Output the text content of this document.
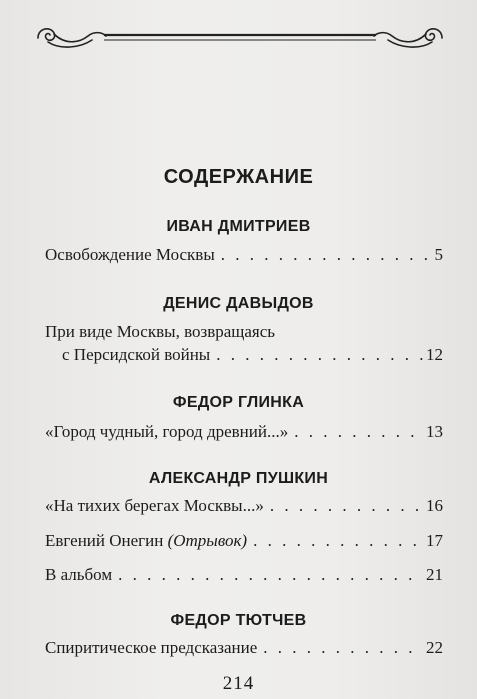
СОДЕРЖАНИЕ
ИВАН ДМИТРИЕВ
Освобождение Москвы . . .	5
ДЕНИС ДАВЫДОВ
При виде Москвы, возвращаясь
с Персидской войны . . .	12
ФЕДОР ГЛИНКА
«Город чудный, город древний...» . . .	13
АЛЕКСАНДР ПУШКИН
«На тихих берегах Москвы...» . . .	16
Евгений Онегин (Отрывок) . . .	17
В альбом . . .	21
ФЕДОР ТЮТЧЕВ
Спиритическое предсказание . . .	22
214
